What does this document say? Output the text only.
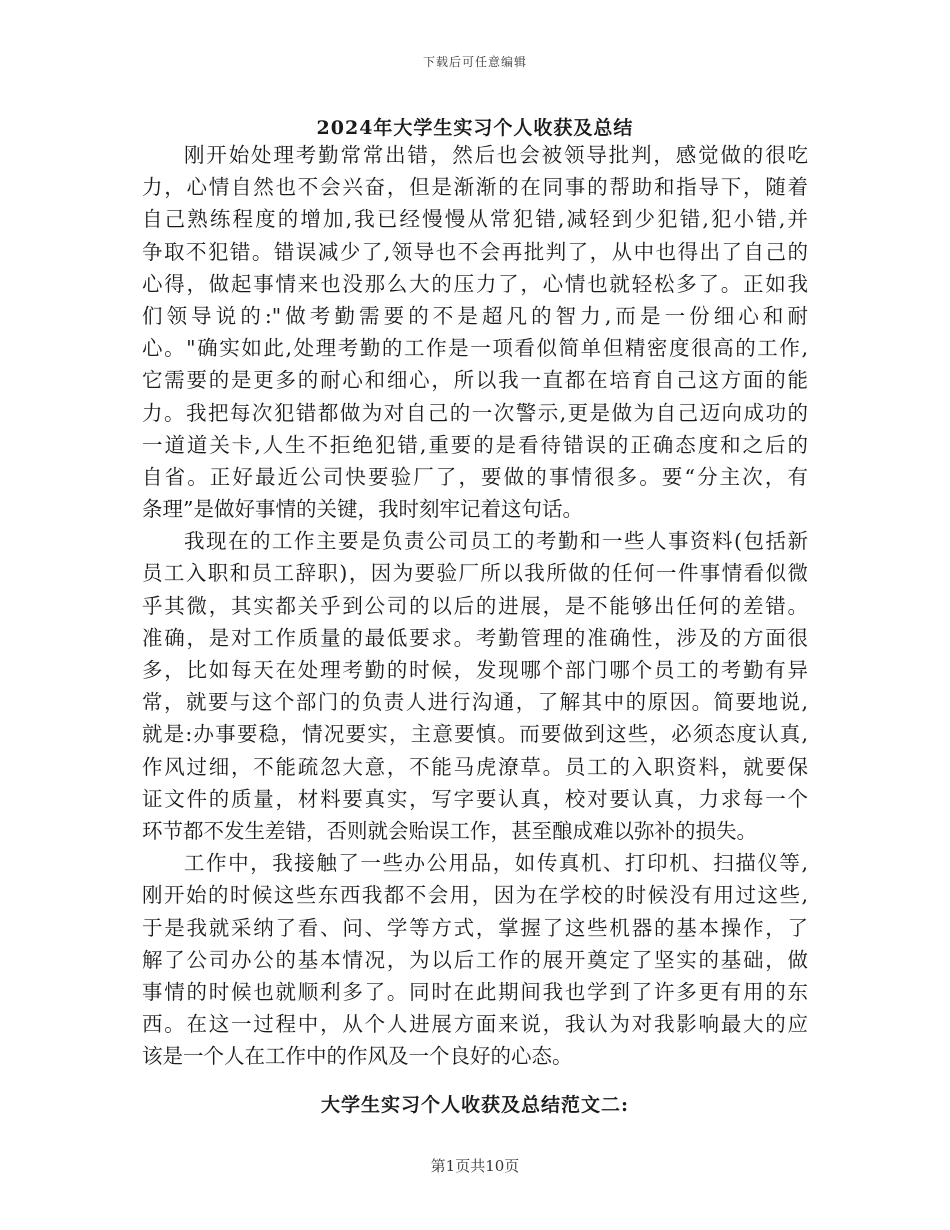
下载后可任意编辑
2024年大学生实习个人收获及总结
刚开始处理考勤常常出错，然后也会被领导批判，感觉做的很吃
力，心情自然也不会兴奋，但是渐渐的在同事的帮助和指导下，随着
自己熟练程度的增加,我已经慢慢从常犯错,减轻到少犯错,犯小错,并
争取不犯错。错误减少了,领导也不会再批判了，从中也得出了自己的
心得，做起事情来也没那么大的压力了，心情也就轻松多了。正如我
们领导说的:"做考勤需要的不是超凡的智力,而是一份细心和耐
心。"确实如此,处理考勤的工作是一项看似简单但精密度很高的工作,
它需要的是更多的耐心和细心，所以我一直都在培育自己这方面的能
力。我把每次犯错都做为对自己的一次警示,更是做为自己迈向成功的
一道道关卡,人生不拒绝犯错,重要的是看待错误的正确态度和之后的
自省。正好最近公司快要验厂了，要做的事情很多。要“分主次，有
条理”是做好事情的关键，我时刻牢记着这句话。
我现在的工作主要是负责公司员工的考勤和一些人事资料(包括新
员工入职和员工辞职)，因为要验厂所以我所做的任何一件事情看似微
乎其微，其实都关乎到公司的以后的进展，是不能够出任何的差错。
准确，是对工作质量的最低要求。考勤管理的准确性，涉及的方面很
多，比如每天在处理考勤的时候，发现哪个部门哪个员工的考勤有异
常，就要与这个部门的负责人进行沟通，了解其中的原因。简要地说,
就是:办事要稳，情况要实，主意要慎。而要做到这些，必须态度认真,
作风过细，不能疏忽大意，不能马虎潦草。员工的入职资料，就要保
证文件的质量，材料要真实，写字要认真，校对要认真，力求每一个
环节都不发生差错，否则就会贻误工作，甚至酿成难以弥补的损失。
工作中，我接触了一些办公用品，如传真机、打印机、扫描仪等,
刚开始的时候这些东西我都不会用，因为在学校的时候没有用过这些,
于是我就采纳了看、问、学等方式，掌握了这些机器的基本操作，了
解了公司办公的基本情况，为以后工作的展开奠定了坚实的基础，做
事情的时候也就顺利多了。同时在此期间我也学到了许多更有用的东
西。在这一过程中，从个人进展方面来说，我认为对我影响最大的应
该是一个人在工作中的作风及一个良好的心态。
大学生实习个人收获及总结范文二:
第1页共10页
